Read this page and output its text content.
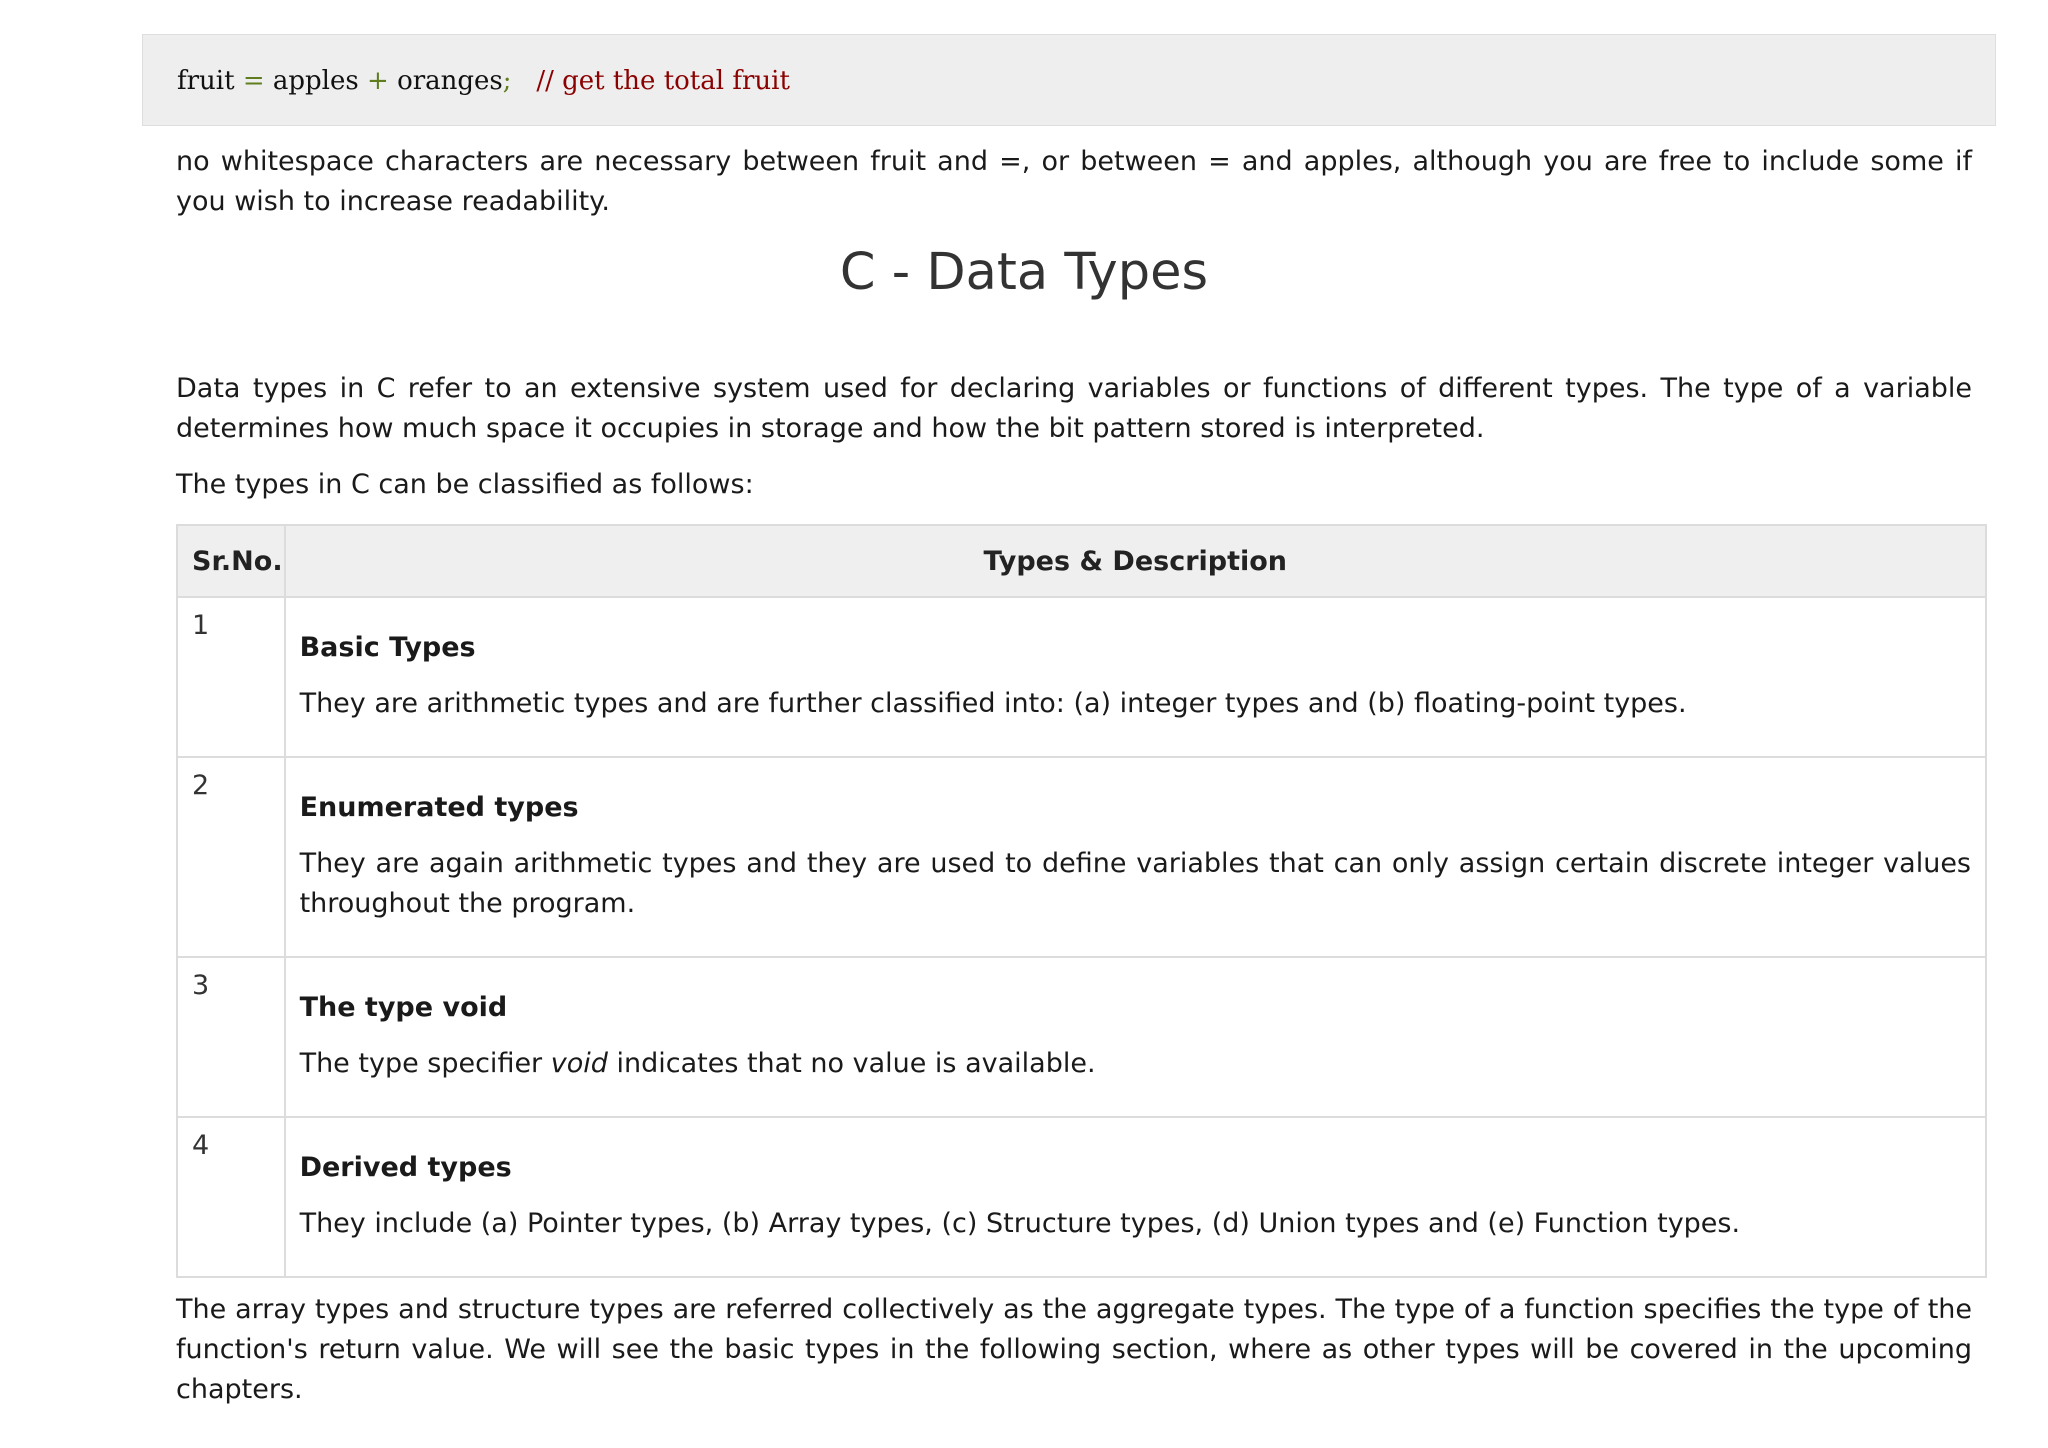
fruit = apples + oranges; // get the total fruit

no whitespace characters are necessary between fruit and =, or between = and apples, although you are free to include some if you wish to increase readability.

C - Data Types

Data types in C refer to an extensive system used for declaring variables or functions of different types. The type of a variable determines how much space it occupies in storage and how the bit pattern stored is interpreted.

The types in C can be classified as follows:

Sr.No.	Types & Description
1	Basic Types

They are arithmetic types and are further classified into: (a) integer types and (b) floating-point types.

2	Enumerated types

They are again arithmetic types and they are used to define variables that can only assign certain discrete integer values throughout the program.

3	The type void

The type specifier void indicates that no value is available.

4	Derived types

They include (a) Pointer types, (b) Array types, (c) Structure types, (d) Union types and (e) Function types.

The array types and structure types are referred collectively as the aggregate types. The type of a function specifies the type of the function's return value. We will see the basic types in the following section, where as other types will be covered in the upcoming chapters.
